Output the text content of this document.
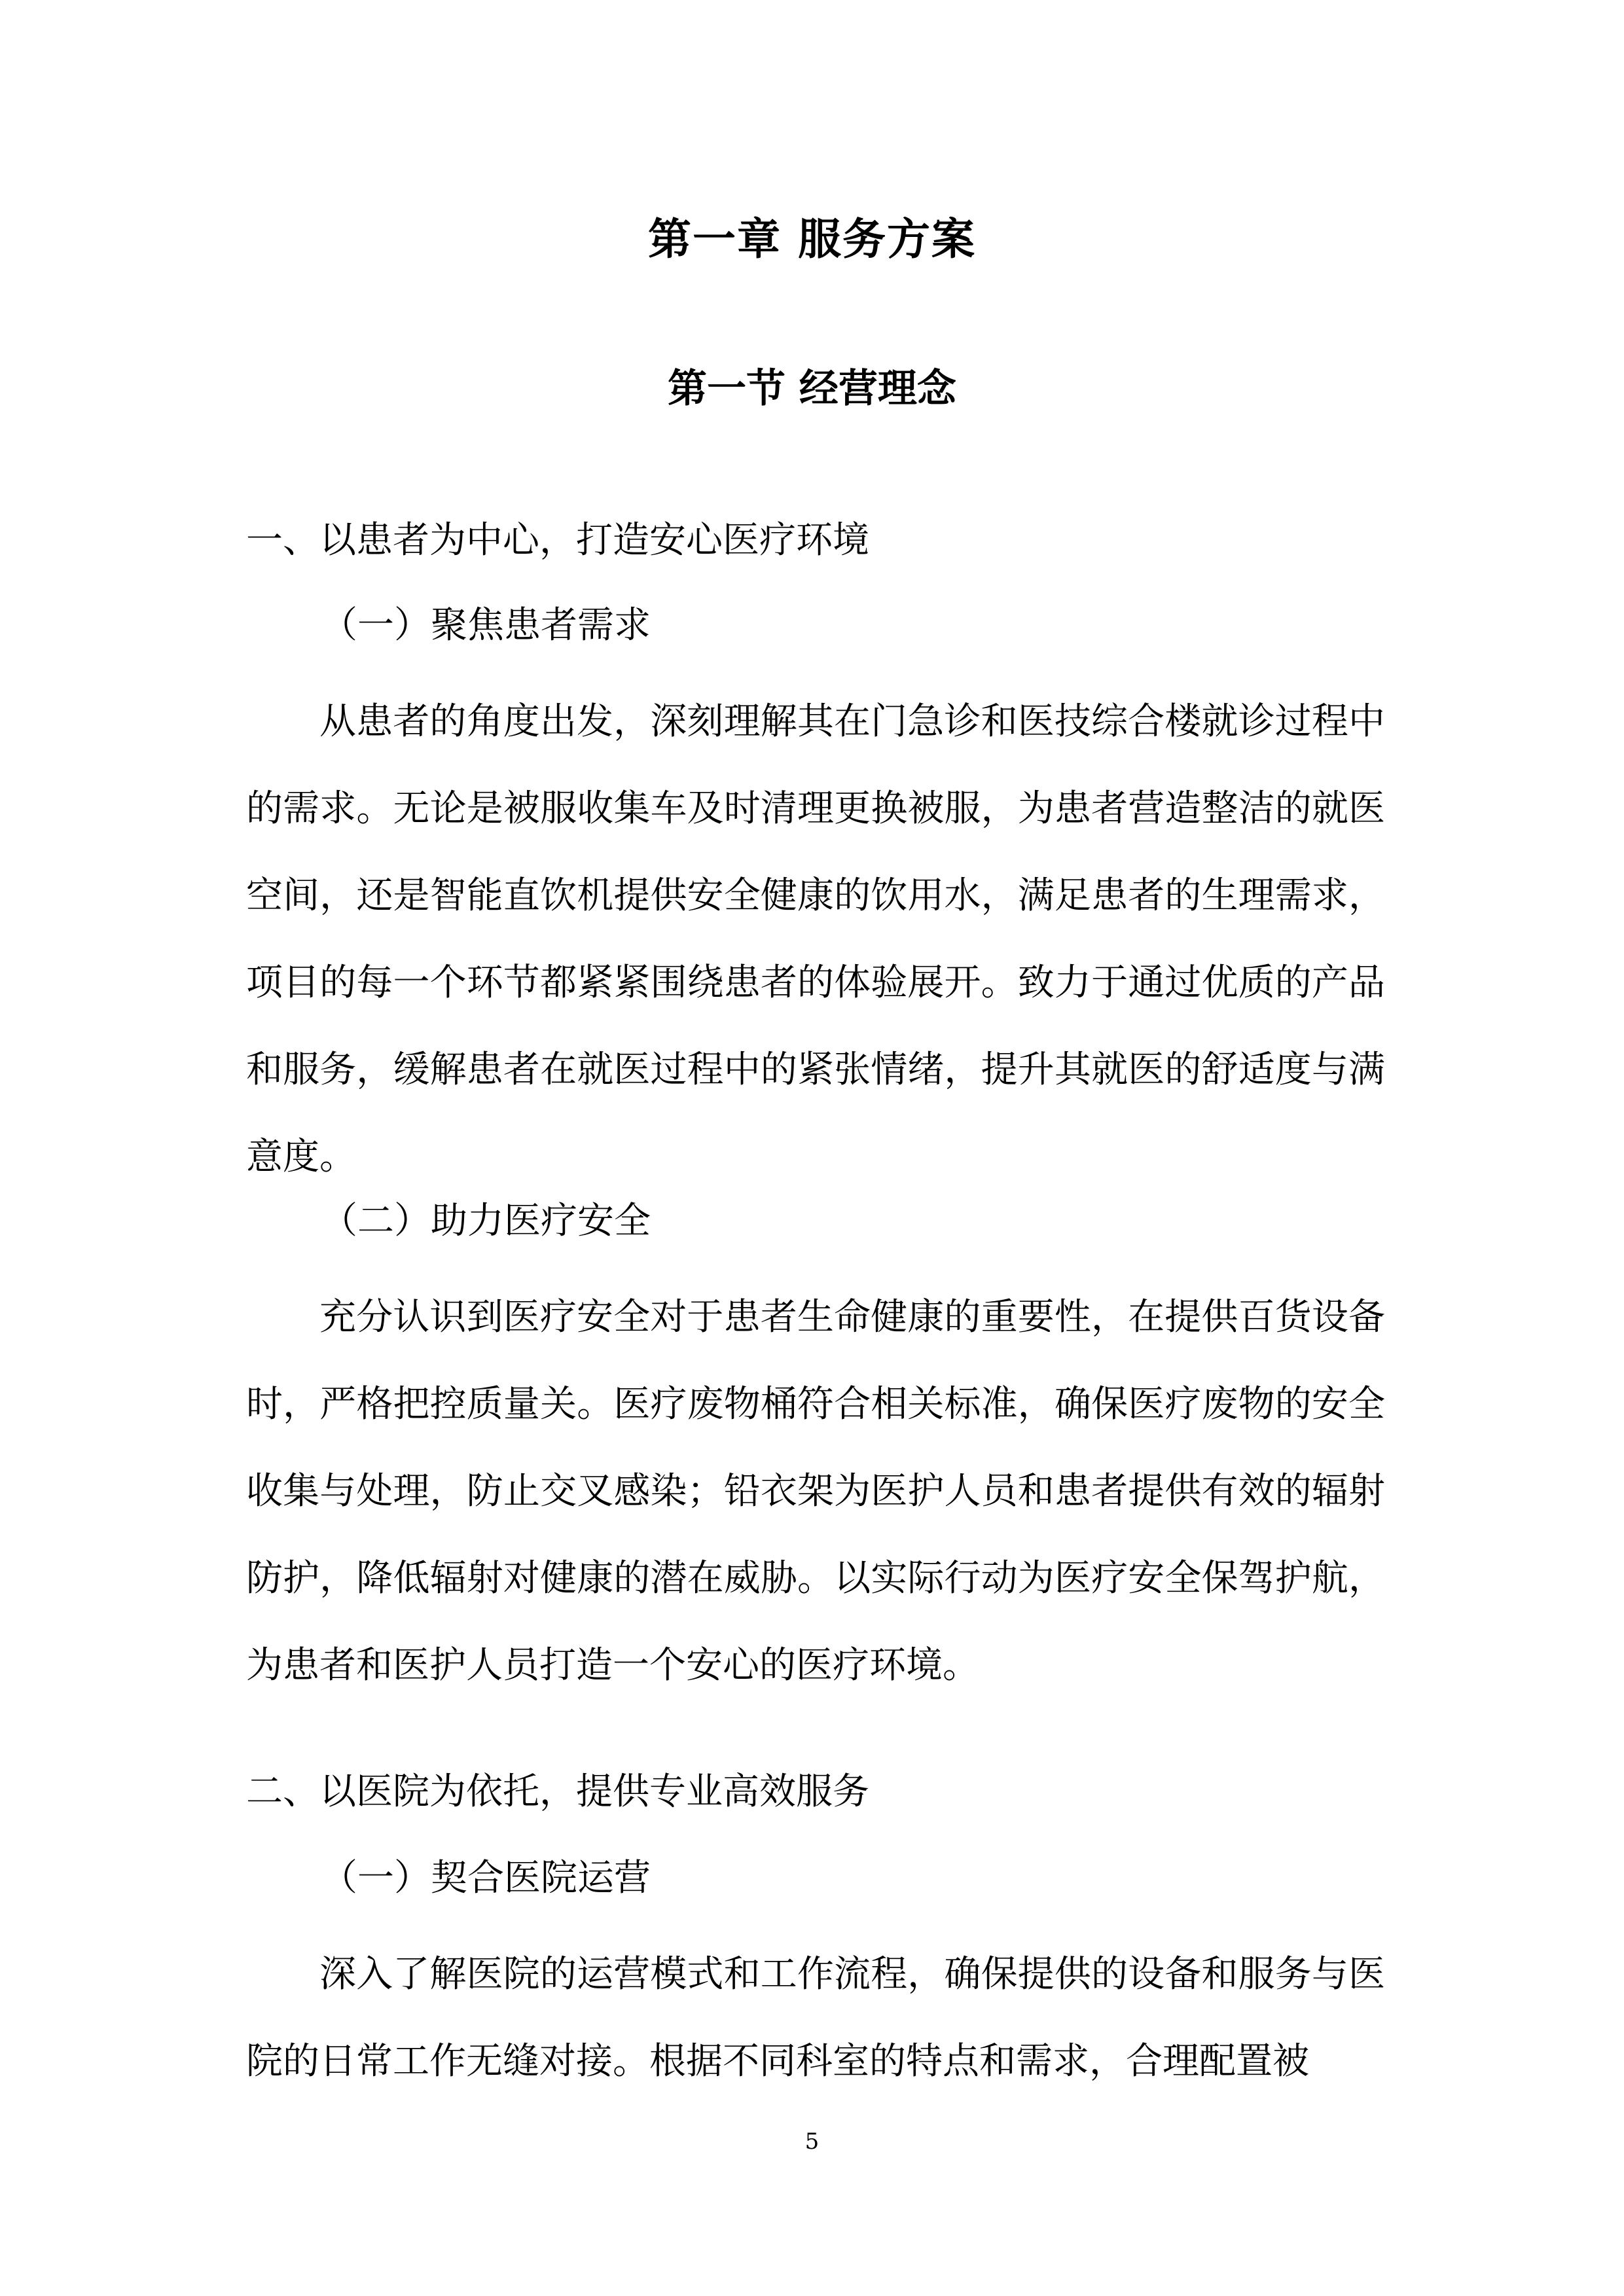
第一章 服务方案
第一节 经营理念
一、以患者为中心，打造安心医疗环境
（一）聚焦患者需求
从患者的角度出发，深刻理解其在门急诊和医技综合楼就诊过程中的需求。无论是被服收集车及时清理更换被服，为患者营造整洁的就医空间，还是智能直饮机提供安全健康的饮用水，满足患者的生理需求，项目的每一个环节都紧紧围绕患者的体验展开。致力于通过优质的产品和服务，缓解患者在就医过程中的紧张情绪，提升其就医的舒适度与满意度。
（二）助力医疗安全
充分认识到医疗安全对于患者生命健康的重要性，在提供百货设备时，严格把控质量关。医疗废物桶符合相关标准，确保医疗废物的安全收集与处理，防止交叉感染；铅衣架为医护人员和患者提供有效的辐射防护，降低辐射对健康的潜在威胁。以实际行动为医疗安全保驾护航，为患者和医护人员打造一个安心的医疗环境。
二、以医院为依托，提供专业高效服务
（一）契合医院运营
深入了解医院的运营模式和工作流程，确保提供的设备和服务与医院的日常工作无缝对接。根据不同科室的特点和需求，合理配置被
5
